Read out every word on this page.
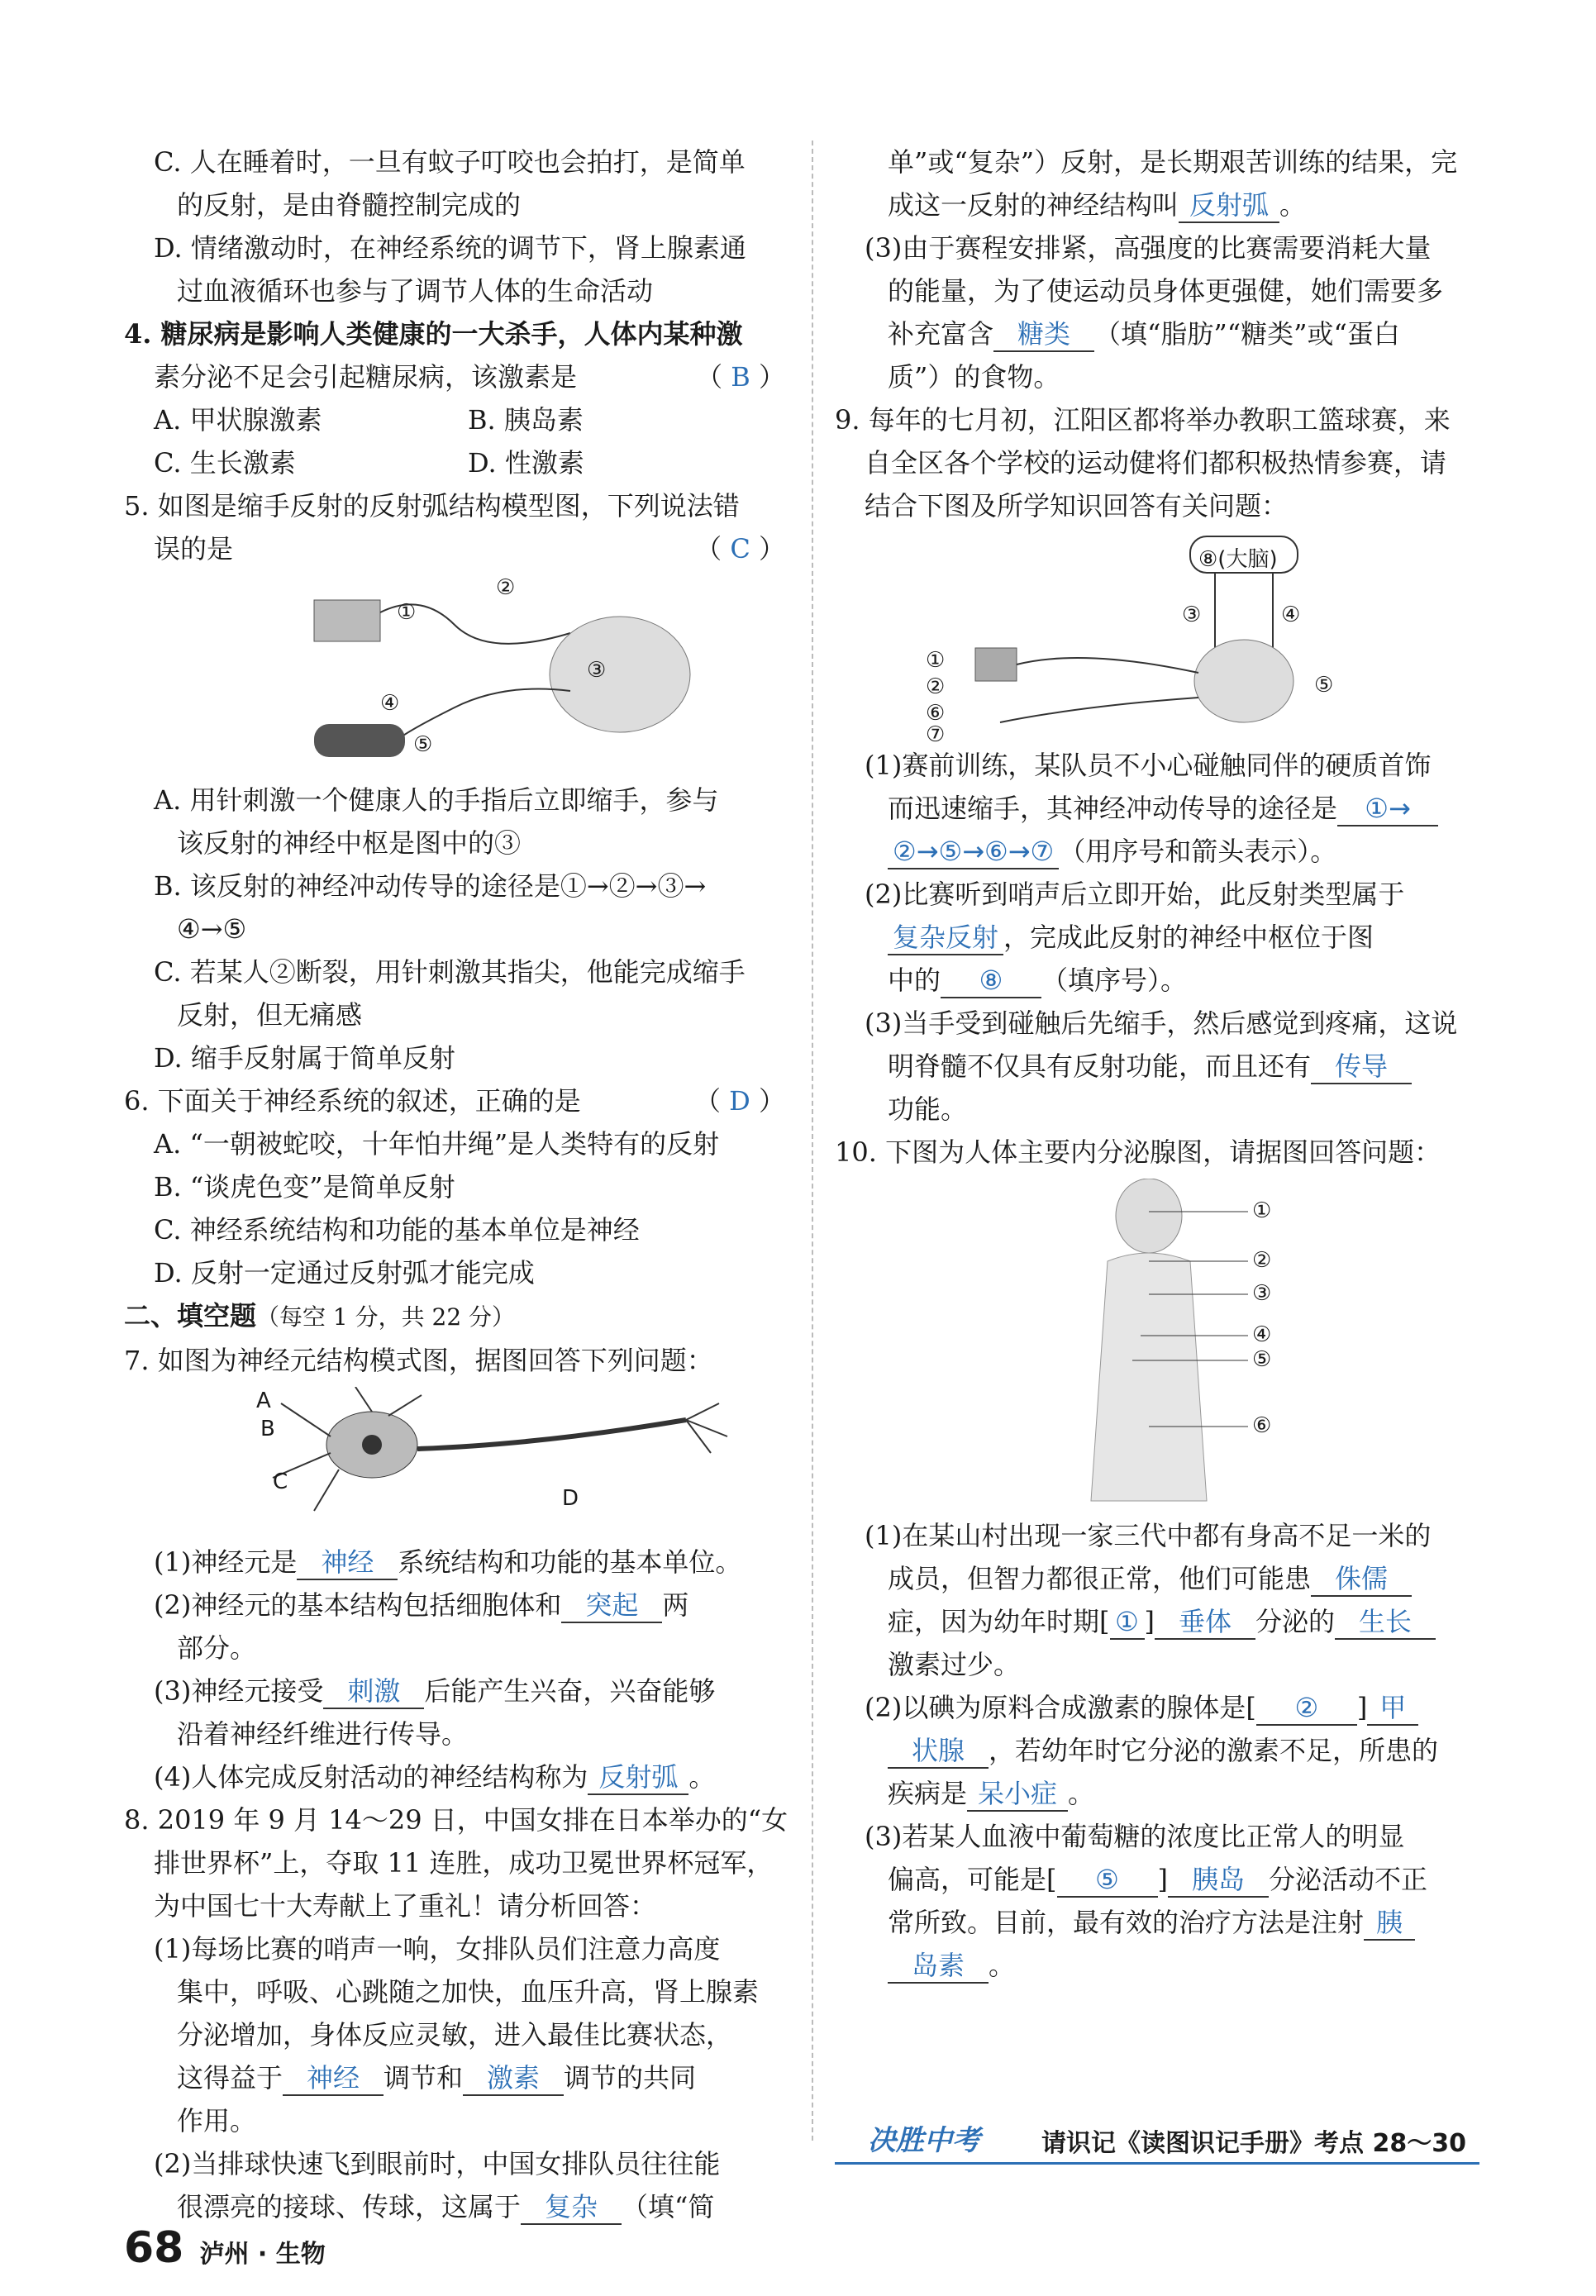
C. 人在睡着时，一旦有蚊子叮咬也会拍打，是简单
的反射，是由脊髓控制完成的
D. 情绪激动时，在神经系统的调节下，肾上腺素通
过血液循环也参与了调节人体的生命活动
4. 糖尿病是影响人类健康的一大杀手，人体内某种激
素分泌不足会引起糖尿病，该激素是	（ B ）
A. 甲状腺激素	B. 胰岛素
C. 生长激素	D. 性激素
5. 如图是缩手反射的反射弧结构模型图，下列说法错
误的是	（ C ）
①
②
③
④
⑤
A. 用针刺激一个健康人的手指后立即缩手，参与
该反射的神经中枢是图中的③
B. 该反射的神经冲动传导的途径是①→②→③→
④→⑤
C. 若某人②断裂，用针刺激其指尖，他能完成缩手
反射，但无痛感
D. 缩手反射属于简单反射
6. 下面关于神经系统的叙述，正确的是	（ D ）
A. “一朝被蛇咬，十年怕井绳”是人类特有的反射
B. “谈虎色变”是简单反射
C. 神经系统结构和功能的基本单位是神经
D. 反射一定通过反射弧才能完成
二、填空题（每空 1 分，共 22 分）
7. 如图为神经元结构模式图，据图回答下列问题：
A
B
C
D
(1)神经元是 神经 系统结构和功能的基本单位。
(2)神经元的基本结构包括细胞体和 突起 两
部分。
(3)神经元接受 刺激 后能产生兴奋，兴奋能够
沿着神经纤维进行传导。
(4)人体完成反射活动的神经结构称为 反射弧 。
8. 2019 年 9 月 14～29 日，中国女排在日本举办的“女
排世界杯”上，夺取 11 连胜，成功卫冕世界杯冠军，
为中国七十大寿献上了重礼！请分析回答：
(1)每场比赛的哨声一响，女排队员们注意力高度
集中，呼吸、心跳随之加快，血压升高，肾上腺素
分泌增加，身体反应灵敏，进入最佳比赛状态，
这得益于 神经 调节和 激素 调节的共同
作用。
(2)当排球快速飞到眼前时，中国女排队员往往能
很漂亮的接球、传球，这属于 复杂 （填“简
单”或“复杂”）反射，是长期艰苦训练的结果，完
成这一反射的神经结构叫 反射弧 。
(3)由于赛程安排紧，高强度的比赛需要消耗大量
的能量，为了使运动员身体更强健，她们需要多
补充富含 糖类 （填“脂肪”“糖类”或“蛋白
质”）的食物。
9. 每年的七月初，江阳区都将举办教职工篮球赛，来
自全区各个学校的运动健将们都积极热情参赛，请
结合下图及所学知识回答有关问题：
⑧(大脑)
③	④
①
②
⑥
⑦
⑤
(1)赛前训练，某队员不小心碰触同伴的硬质首饰
而迅速缩手，其神经冲动传导的途径是 ①→
②→⑤→⑥→⑦ （用序号和箭头表示）。
(2)比赛听到哨声后立即开始，此反射类型属于
复杂反射 ，完成此反射的神经中枢位于图
中的 ⑧ （填序号）。
(3)当手受到碰触后先缩手，然后感觉到疼痛，这说
明脊髓不仅具有反射功能，而且还有 传导
功能。
10. 下图为人体主要内分泌腺图，请据图回答问题：
①
②
③
④
⑤
⑥
(1)在某山村出现一家三代中都有身高不足一米的
成员，但智力都很正常，他们可能患 侏儒
症，因为幼年时期[ ① ] 垂体 分泌的 生长
激素过少。
(2)以碘为原料合成激素的腺体是[ ② ] 甲
状腺 ，若幼年时它分泌的激素不足，所患的
疾病是 呆小症 。
(3)若某人血液中葡萄糖的浓度比正常人的明显
偏高，可能是[ ⑤ ] 胰岛 分泌活动不正
常所致。目前，最有效的治疗方法是注射 胰
岛素 。
决胜中考 请识记《读图识记手册》考点 28～30
68 泸州 · 生物
